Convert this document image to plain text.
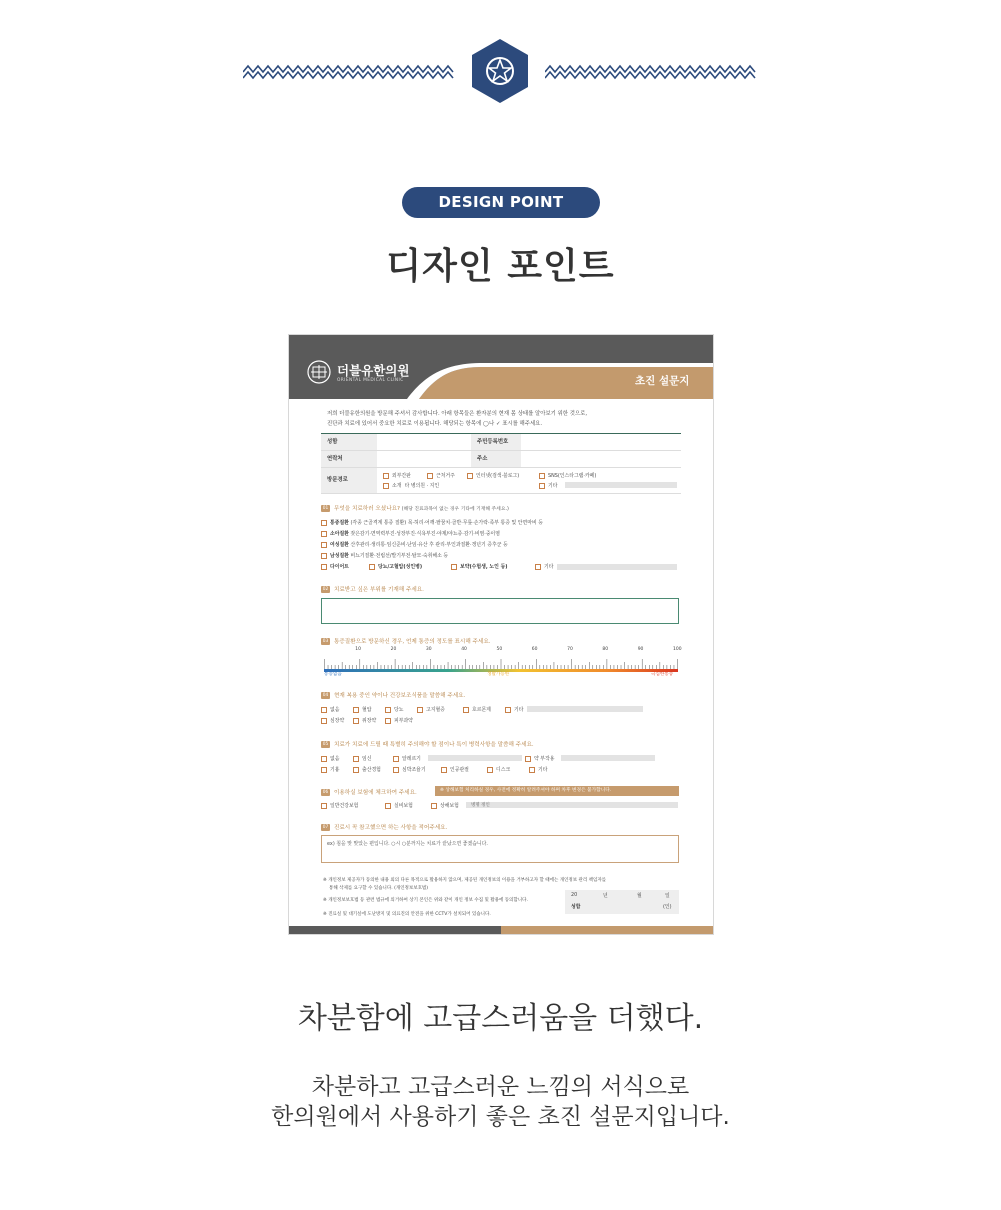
DESIGN POINT
디자인 포인트
더블유한의원
ORIENTAL MEDICAL CLINIC	초진 설문지
저희 더블유한의원을 방문해 주셔서 감사합니다. 아래 항목들은 환자분의 현재 몸 상태를 알아보기 위한 것으로,
진단과 치료에 있어서 중요한 치료로 이용됩니다. 해당되는 항목에 ◯나 ✓ 표시를 해주세요.
성함	주민등록번호
연락처	주소
방문경로
외부간판	근처거주	인터넷(검색·블로그)	SNS(인스타그램·카페)
소개 타 병의원 · 지인	기타
01 무엇을 치료하러 오셨나요? (해당 진료과목이 없는 경우 기타에 기재해 주세요.)
통증질환 (각종 근골격계 통증 질환) 목·허리·어깨·팔꿈치·골반·무릎·손가락·족부 통증 및 안면마비 등
소아질환 잦은감기·면역력부진·성장부진·식욕부진·야제/야뇨증·감기·비염·중이염
여성질환 산후관리·생리통·임신준비·난임·유산 후 관리·부인과질환·갱년기 증후군 등
남성질환 비뇨기질환·전립선/발기부전·탈모·숙취해소 등
다이어트	당뇨/고혈압(성인병)	보약(수험생, 노인 등)	기타
02 치료받고 싶은 부위를 기재해 주세요.
03 통증질환으로 방문하신 경우, 언제 통증의 정도를 표시해 주세요.
10	20	30	40	50	60	70	80	90	100
통증없음	생활가능한	극심한통증
04 현재 복용 중인 약이나 건강보조식품을 말씀해 주세요.
없음	혈압	당뇨	고지혈증	호르몬제	기타
심장약	위장약	피부과약
05 치료가 치료에 드릴 때 특별히 주의해야 할 점이나 특이 병력사항을 말씀해 주세요.
없음	임신	알레르기	약 부작용
기흉	출산경험	심박조율기	인공관절	디스크	기타
06 이용하실 보험에 체크하여 주세요.	※ 상해보험 처리하실 경우, 사전에 정확히 알려주셔야 하며 차후 변경은 불가합니다.
일반건강보험	실비보험	상해보험	병명 정인
07 진료시 꼭 참고했으면 하는 사항을 적어주세요.
ex) 침을 맞 맞았는 편입니다. ○시 ○분까지는 치료가 끝났으면 좋겠습니다.
※ 개인정보 제공자가 동의한 내용 외의 다른 목적으로 활용하지 않으며, 제공된 개인정보의 이용을 거부하고자 할 때에는 개인정보 관리 책임자를
통해 삭제를 요구할 수 있습니다. (개인정보보호법)
※ 개인정보보호법 등 관련 법규에 의거하여 상기 본인은 위와 같이 개인 정보 수집 및 활용에 동의합니다.
※ 진료실 및 대기실에 도난방지 및 의료진의 안전을 위한 CCTV가 설치되어 있습니다.
20	년	월	일
성함	(인)
차분함에 고급스러움을 더했다.
차분하고 고급스러운 느낌의 서식으로
한의원에서 사용하기 좋은 초진 설문지입니다.
